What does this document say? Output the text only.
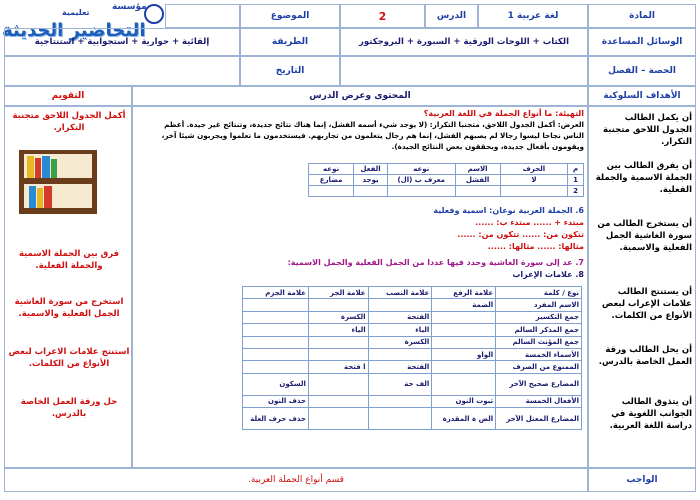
تعليمية
مؤسسة
التحاضير الحديثة
المادة
لغة عربية 1
الدرس
2
الموضوع
الوسائل المساعدة
الكتاب + اللوحات الورقية + السبورة + البروجكتور
الطريقة
إلقائية + حوارية + استجوابية + استنتاجية
الحصة – الفصل
التاريخ
الأهداف السلوكية
المحتوى وعرض الدرس
التقويم
أن يكمل الطالب الجدول اللاحق متجنبة التكرار.
أن يفرق الطالب بين الجملة الاسمية والجملة الفعلية.
أن يستخرج الطالب من سورة الغاشية الجمل الفعلية والاسمية.
أن يستنتج الطالب علامات الإعراب لبعض الأنواع من الكلمات.
أن يحل الطالب ورقة العمل الخاصة بالدرس.
أن يتذوق الطالب الجوانب اللغوية في دراسة اللغة العربية.
أكمل الجدول اللاحق متجنبة التكرار.
فرق بين الجملة الاسمية والجملة الفعلية.
استخرج من سورة الغاشية الجمل الفعلية والاسمية.
استنتج علامات الاعراب لبعض الأنواع من الكلمات.
حل ورقة العمل الخاصة بالدرس.
التهيئة: ما أنواع الجملة في اللغة العربية؟
العرض: أكمل الجدول اللاحق، متجنبا التكرار: (لا يوجد شيء أسمه الفشل، إنما هناك نتائج جديدة، وتنتائج غير جيدة. أعظم
الناس نجاحا ليسوا رجالا لم يصبهم الفشل، إنما هم رجال يتعلمون من تجاربهم. فيستخدمون ما تعلموا ويجربون شيئا آخر،
ويقومون بأفعال جديدة، ويحققون بعض النتائج الجيدة).
م	الحرف	الاسم	نوعه	الفعل	نوعه
1	لا	الفشل	معرف ب (ال)	يوجد	مضارع
2					
6. الجملة العربية نوعان: اسمية وفعلية
مبتدء + ...... مبتدء ب: ......
تتكون من: ...... تتكون من: ......
مثالها: ...... مثالها: ......
7. عد إلى سورة الغاشية وحدد فيها عددا من الجمل الفعلية والجمل الاسمية:
8. علامات الإعراب
نوع / كلمة	علامة الرفع	علامة النصب	علامة الجر	علامة الجزم
الاسم المفرد	الضمة			
جمع التكسير		الفتحة	الكسرة	
جمع المذكر السالم		الياء	الياء	
جمع المؤنث السالم		الكسرة		
الأسماء الخمسة	الواو			
الممنوع من الصرف		الفتحة	ا فتحة	
المضارع صحيح الآخر		الف حة		السكون
الأفعال الخمسة	ثبوت النون			حذف النون
المضارع المعتل الآخر	الض ة المقدرة			حذف حرف العلة
الواجب
قسم أنواع الجملة العربية.
